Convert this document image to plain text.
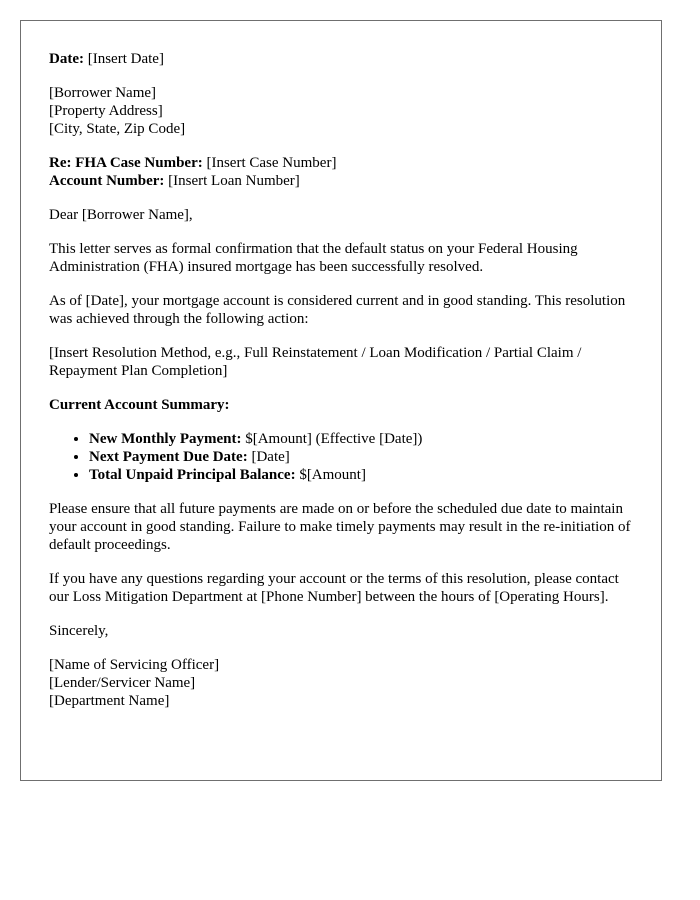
Date: [Insert Date]
[Borrower Name]
[Property Address]
[City, State, Zip Code]
Re: FHA Case Number: [Insert Case Number]
Account Number: [Insert Loan Number]
Dear [Borrower Name],
This letter serves as formal confirmation that the default status on your Federal Housing Administration (FHA) insured mortgage has been successfully resolved.
As of [Date], your mortgage account is considered current and in good standing. This resolution was achieved through the following action:
[Insert Resolution Method, e.g., Full Reinstatement / Loan Modification / Partial Claim / Repayment Plan Completion]
Current Account Summary:
• New Monthly Payment: $[Amount] (Effective [Date])
• Next Payment Due Date: [Date]
• Total Unpaid Principal Balance: $[Amount]
Please ensure that all future payments are made on or before the scheduled due date to maintain your account in good standing. Failure to make timely payments may result in the re-initiation of default proceedings.
If you have any questions regarding your account or the terms of this resolution, please contact our Loss Mitigation Department at [Phone Number] between the hours of [Operating Hours].
Sincerely,
[Name of Servicing Officer]
[Lender/Servicer Name]
[Department Name]
